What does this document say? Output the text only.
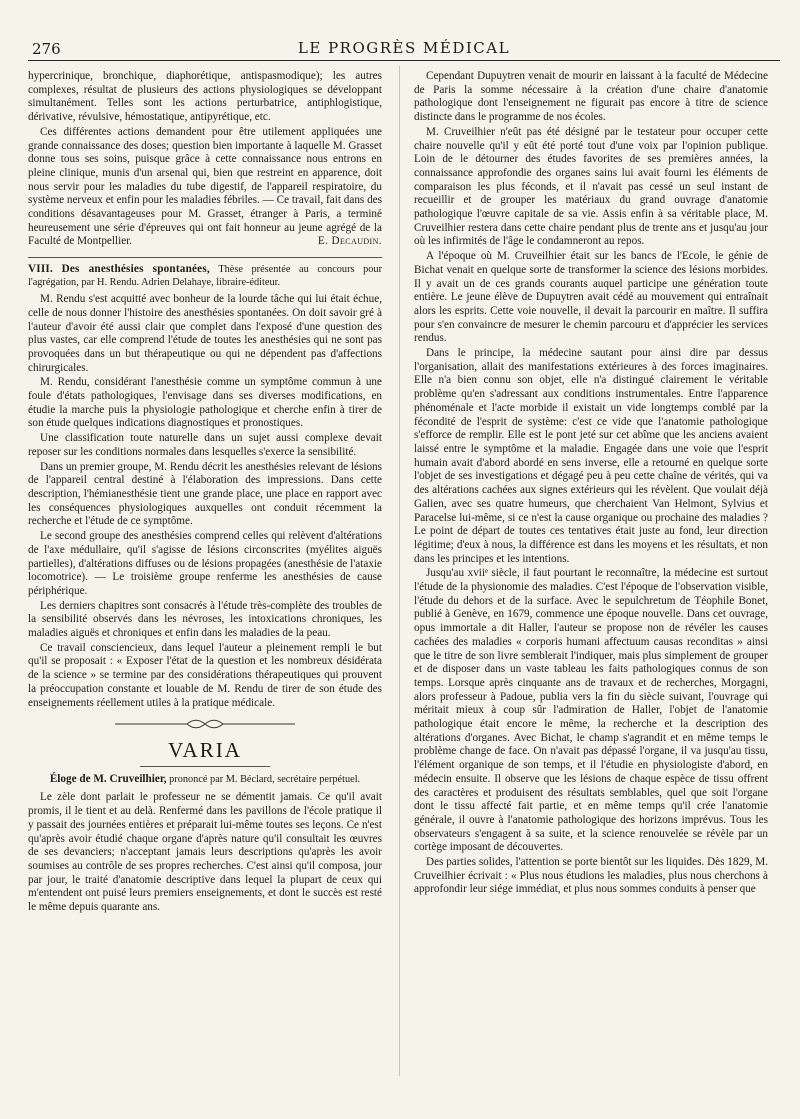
276	LE PROGRÈS MÉDICAL

hypercrinique, bronchique, diaphorétique, antispasmodique); les autres complexes, résultat de plusieurs des actions physiologiques se développant simultanément. Telles sont les actions perturbatrice, antiphlogistique, dérivative, révulsive, hémostatique, antipyrétique, etc.

Ces différentes actions demandent pour être utilement appliquées une grande connaissance des doses; question bien importante à laquelle M. Grasset donne tous ses soins, puisque grâce à cette connaissance nous entrons en pleine clinique, munis d'un arsenal qui, bien que restreint en apparence, doit nous servir pour les maladies du tube digestif, de l'appareil respiratoire, du système nerveux et enfin pour les maladies fébriles. — Ce travail, fait dans des conditions désavantageuses pour M. Grasset, étranger à Paris, a terminé heureusement une série d'épreuves qui ont fait honneur au jeune agrégé de la Faculté de Montpellier.	E. Decaudin.

VIII. Des anesthésies spontanées, Thèse présentée au concours pour l'agrégation, par H. Rendu. Adrien Delahaye, libraire-éditeur.

M. Rendu s'est acquitté avec bonheur de la lourde tâche qui lui était échue, celle de nous donner l'histoire des anesthésies spontanées. On doit savoir gré à l'auteur d'avoir été aussi clair que complet dans l'exposé d'une question des plus vastes, car elle comprend l'étude de toutes les anesthésies qui ne sont pas provoquées dans un but thérapeutique ou qui ne dépendent pas d'affections chirurgicales.

M. Rendu, considérant l'anesthésie comme un symptôme commun à une foule d'états pathologiques, l'envisage dans ses diverses modifications, en étudie la marche puis la physiologie pathologique et cherche enfin à tirer de son étude quelques indications diagnostiques et pronostiques.

Une classification toute naturelle dans un sujet aussi complexe devait reposer sur les conditions normales dans lesquelles s'exerce la sensibilité.

Dans un premier groupe, M. Rendu décrit les anesthésies relevant de lésions de l'appareil central destiné à l'élaboration des impressions. Dans cette description, l'hémianesthésie tient une grande place, une place en rapport avec les conséquences physiologiques auxquelles ont conduit récemment la recherche et l'étude de ce symptôme.

Le second groupe des anesthésies comprend celles qui relèvent d'altérations de l'axe médullaire, qu'il s'agisse de lésions circonscrites (myélites aiguës partielles), d'altérations diffuses ou de lésions propagées (anesthésie de l'ataxie locomotrice). — Le troisième groupe renferme les anesthésies de cause périphérique.

Les derniers chapitres sont consacrés à l'étude très-complète des troubles de la sensibilité observés dans les névroses, les intoxications chroniques, les maladies aiguës et chroniques et enfin dans les maladies de la peau.

Ce travail consciencieux, dans lequel l'auteur a pleinement rempli le but qu'il se proposait : « Exposer l'état de la question et les nombreux désidérata de la science » se termine par des considérations thérapeutiques qui prouvent la préoccupation constante et louable de M. Rendu de tirer de son étude des enseignements réellement utiles à la pratique médicale.

VARIA
Éloge de M. Cruveilhier, prononcé par M. Béclard, secrétaire perpétuel.

Le zèle dont parlait le professeur ne se démentit jamais. Ce qu'il avait promis, il le tient et au delà. Renfermé dans les pavillons de l'école pratique il y passait des journées entières et préparait lui-même toutes ses leçons. Ce n'est qu'après avoir étudié chaque organe d'après nature qu'il consultait les œuvres de ses devanciers; n'acceptant jamais leurs descriptions qu'après les avoir soumises au contrôle de ses propres recherches. C'est ainsi qu'il composa, jour par jour, le traité d'anatomie descriptive dans lequel la plupart de ceux qui m'entendent ont puisé leurs premiers enseignements, et dont le succès est resté le même depuis quarante ans.

Cependant Dupuytren venait de mourir en laissant à la faculté de Médecine de Paris la somme nécessaire à la création d'une chaire d'anatomie pathologique dont l'enseignement ne figurait pas encore à titre de science distincte dans le programme de nos écoles.

M. Cruveilhier n'eût pas été désigné par le testateur pour occuper cette chaire nouvelle qu'il y eût été porté tout d'une voix par l'opinion publique. Loin de le détourner des études favorites de ses premières années, la connaissance approfondie des organes sains lui avait fourni les éléments de comparaison les plus féconds, et il n'avait pas cessé un seul instant de recueillir et de grouper les matériaux du grand ouvrage d'anatomie pathologique l'œuvre capitale de sa vie. Assis enfin à sa véritable place, M. Cruveilhier restera dans cette chaire pendant plus de trente ans et jusqu'au jour où les infirmités de l'âge le condamneront au repos.

A l'époque où M. Cruveilhier était sur les bancs de l'Ecole, le génie de Bichat venait en quelque sorte de transformer la science des lésions morbides. Il y avait un de ces grands courants auquel participe une génération toute entière. Le jeune élève de Dupuytren avait cédé au mouvement qui entraînait alors les esprits. Cette voie nouvelle, il devait la parcourir en maître. Il suffira pour s'en convaincre de mesurer le chemin parcouru et d'apprécier les services rendus.

Dans le principe, la médecine sautant pour ainsi dire par dessus l'organisation, allait des manifestations extérieures à des forces imaginaires. Elle n'a bien connu son objet, elle n'a distingué clairement le véritable problème qu'en s'adressant aux conditions instrumentales. Entre l'apparence phénoménale et l'acte morbide il existait un vide longtemps comblé par la fécondité de l'esprit de système: c'est ce vide que l'anatomie pathologique s'efforce de remplir. Elle est le pont jeté sur cet abîme que les anciens avaient laissé entre le symptôme et la maladie. Engagée dans une voie que l'esprit humain avait d'abord abordé en sens inverse, elle a retourné en quelque sorte l'objet de ses investigations et dégagé peu à peu cette chaîne de vérités, qui va des altérations cachées aux signes extérieurs qui les révèlent. Que voulait déjà Galien, avec ses quatre humeurs, que cherchaient Van Helmont, Sylvius et Paracelse lui-même, si ce n'est la cause organique ou prochaine des maladies ? Le point de départ de toutes ces tentatives était juste au fond, leur direction légitime; d'eux à nous, la différence est dans les moyens et les résultats, et non dans les principes et les intentions.

Jusqu'au xviiᵉ siècle, il faut pourtant le reconnaître, la médecine est surtout l'étude de la physionomie des maladies. C'est l'époque de l'observation visible, l'étude du dehors et de la surface. Avec le sepulchretum de Téophile Bonet, publié à Genève, en 1679, commence une époque nouvelle. Dans cet ouvrage, opus immortale a dit Haller, l'auteur se propose non de révéler les causes cachées des maladies « corporis humani affectuum causas reconditas » ainsi que le titre de son livre semblerait l'indiquer, mais plus simplement de grouper et de disposer dans un vaste tableau les faits pathologiques connus de son temps. Lorsque après cinquante ans de travaux et de recherches, Morgagni, alors professeur à Padoue, publia vers la fin du siècle suivant, l'ouvrage qui méritait mieux à coup sûr l'admiration de Haller, l'objet de l'anatomie pathologique était encore le même, la recherche et la description des altérations d'organes. Avec Bichat, le champ s'agrandit et en même temps le problème change de face. On n'avait pas dépassé l'organe, il va jusqu'au tissu, l'élément organique de son temps, et il l'étudie en physiologiste d'abord, en médecin ensuite. Il observe que les lésions de chaque espèce de tissu offrent des caractères et produisent des résultats semblables, quel que soit l'organe dont le tissu affecté fait partie, et en même temps qu'il crée l'anatomie générale, il ouvre à l'anatomie pathologique des horizons imprévus. Tous les observateurs s'engagent à sa suite, et la science renouvelée se révèle par un cortège imposant de découvertes.

Des parties solides, l'attention se porte bientôt sur les liquides. Dès 1829, M. Cruveilhier écrivait : « Plus nous étudions les maladies, plus nous cherchons à approfondir leur siége immédiat, et plus nous sommes conduits à penser que
